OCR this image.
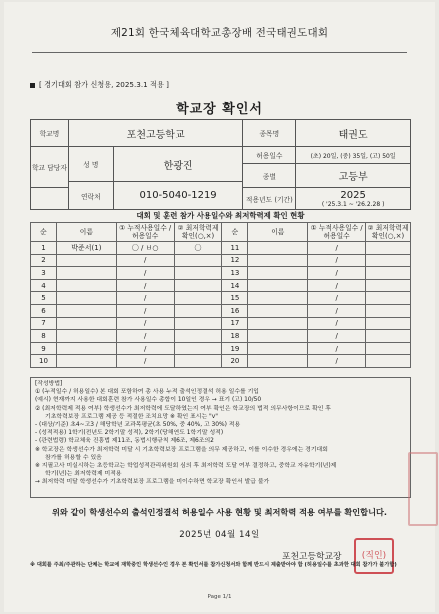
제21회 한국체육대학교총장배 전국태권도대회
[ 경기대회 참가 신청용, 2025.3.1 적용 ]
학교장 확인서
학교명	포천고등학교		종목명	태권도
학교 담당자	성 명	한광진	허용일수	(초) 20일, (중) 35일, (고) 50일
			종별	고등부
	연락처	010-5040-1219		
			적용년도 (기간)	2025
( '25.3.1 ~ '26.2.28 )
대회 및 훈련 참가 사용일수와 최저학력제 확인 현황
순	이름	① 누적사용일수 /허용일수	② 최저학력제 확인(○,×)	순	이름	① 누적사용일수 /허용일수	② 최저학력제 확인(○,×)
1	박준서(1)	〇 / ㅂ○	〇	11		/	
2		/		12		/	
3		/		13		/	
4		/		14		/	
5		/		15		/	
6		/		16		/	
7		/		17		/	
8		/		18		/	
9		/		19		/	
10		/		20		/	
[작성방법]
① (누적일수 / 허용일수) 본 대회 포함하여 총 사용 누적 출석인정결석 허용 일수를 기입
(예시) 현재까지 사용한 대회훈련 참가 사용일수 총합이 10일인 경우 → 표기 (고) 10/50
② (최저학력제 적용 여부) 학생선수가 최저학력에 도달하였는지 여부 확인은 학교장의 법적 의무사항이므로 확인 후
기초학력보장 프로그램 제공 등 적절한 조치요망 ※ 확인 표시는 "v"
- (대상/기준) 초4~고3 / 해당학년 교과목평균(초 50%, 중 40%, 고 30%) 적용
- (성적적용) 1학기(전년도 2학기말 성적), 2학기(당해연도 1학기말 성적)
- (관련법령) 학교체육 진흥법 제11조, 동법시행규칙 제6조, 제6조의2
※ 학교장은 학생선수가 최저학력 미달 시 기초학력보장 프로그램을 의무 제공하고, 이를 이수한 경우에는 경기대회
참가를 허용할 수 있음
※ 지필고사 미실시하는 초등학교는 학업성적관리위원회 심의 후 최저학력 도달 여부 결정하고, 중학교 자유학기(년)제
학기(년)는 최저학력제 미적용
→ 최저학력 미달 학생선수가 기초학력보장 프로그램을 미이수하면 학교장 확인서 발급 불가
위와 같이 학생선수의 출석인정결석 허용일수 사용 현황 및 최저학력 적용 여부를 확인합니다.
2025년 04월 14일
포천고등학교장	(직인)
※ 대회를 주최/주관하는 단체는 학교에 재학중인 학생선수인 경우 본 확인서를 참가신청서와 함께 반드시 제출받아야 함 (허용일수를 초과한 대회 참가가 불가함)
Page 1/1
